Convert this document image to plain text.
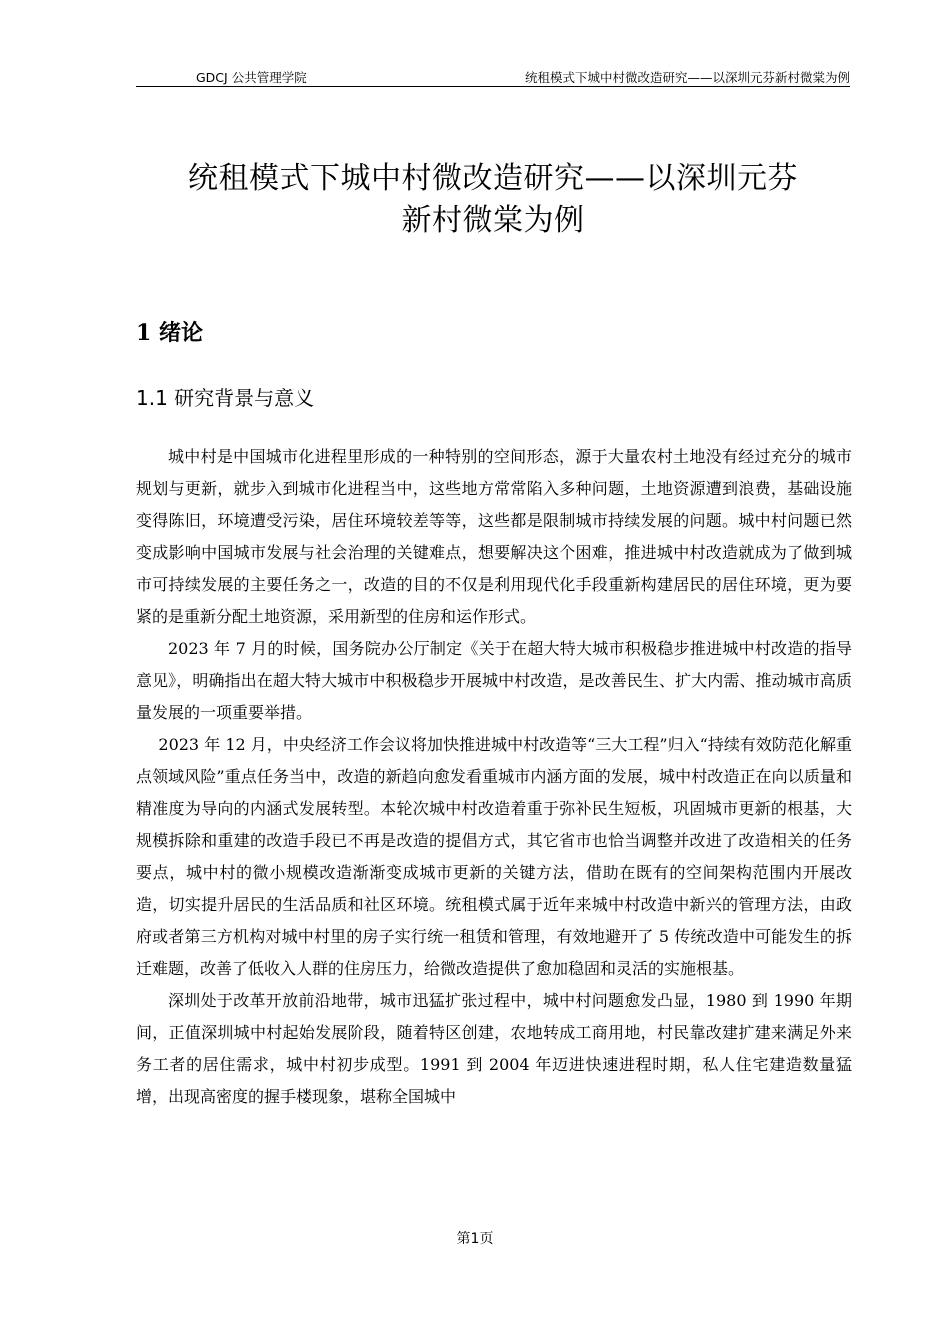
GDCJ 公共管理学院	统租模式下城中村微改造研究——以深圳元芬新村微棠为例
统租模式下城中村微改造研究——以深圳元芬
新村微棠为例
1 绪论
1.1 研究背景与意义

城中村是中国城市化进程里形成的一种特别的空间形态，源于大量农村土地没有经过充分的城市规划与更新，就步入到城市化进程当中，这些地方常常陷入多种问题，土地资源遭到浪费，基础设施变得陈旧，环境遭受污染，居住环境较差等等，这些都是限制城市持续发展的问题。城中村问题已然变成影响中国城市发展与社会治理的关键难点，想要解决这个困难，推进城中村改造就成为了做到城市可持续发展的主要任务之一，改造的目的不仅是利用现代化手段重新构建居民的居住环境，更为要紧的是重新分配土地资源，采用新型的住房和运作形式。

2023 年 7 月的时候，国务院办公厅制定《关于在超大特大城市积极稳步推进城中村改造的指导意见》，明确指出在超大特大城市中积极稳步开展城中村改造，是改善民生、扩大内需、推动城市高质量发展的一项重要举措。

2023 年 12 月，中央经济工作会议将加快推进城中村改造等“三大工程”归入“持续有效防范化解重点领域风险”重点任务当中，改造的新趋向愈发看重城市内涵方面的发展，城中村改造正在向以质量和精准度为导向的内涵式发展转型。本轮次城中村改造着重于弥补民生短板，巩固城市更新的根基，大规模拆除和重建的改造手段已不再是改造的提倡方式，其它省市也恰当调整并改进了改造相关的任务要点，城中村的微小规模改造渐渐变成城市更新的关键方法，借助在既有的空间架构范围内开展改造，切实提升居民的生活品质和社区环境。统租模式属于近年来城中村改造中新兴的管理方法，由政府或者第三方机构对城中村里的房子实行统一租赁和管理，有效地避开了 5 传统改造中可能发生的拆迁难题，改善了低收入人群的住房压力，给微改造提供了愈加稳固和灵活的实施根基。

深圳处于改革开放前沿地带，城市迅猛扩张过程中，城中村问题愈发凸显，1980 到 1990 年期间，正值深圳城中村起始发展阶段，随着特区创建，农地转成工商用地，村民靠改建扩建来满足外来务工者的居住需求，城中村初步成型。1991 到 2004 年迈进快速进程时期，私人住宅建造数量猛增，出现高密度的握手楼现象，堪称全国城中

第1页
